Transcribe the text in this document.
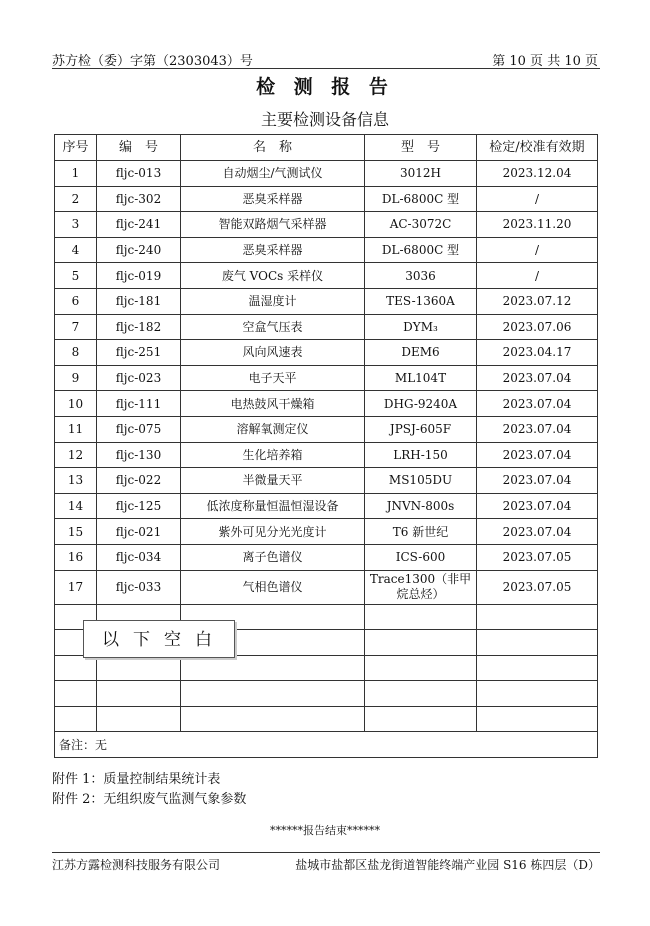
苏方检（委）字第（2303043）号	第 10 页 共 10 页
检 测 报 告
主要检测设备信息
序号	编　号	名　称	型　号	检定/校准有效期
1	fljc-013	自动烟尘/气测试仪	3012H	2023.12.04
2	fljc-302	恶臭采样器	DL-6800C 型	/
3	fljc-241	智能双路烟气采样器	AC-3072C	2023.11.20
4	fljc-240	恶臭采样器	DL-6800C 型	/
5	fljc-019	废气 VOCs 采样仪	3036	/
6	fljc-181	温湿度计	TES-1360A	2023.07.12
7	fljc-182	空盒气压表	DYM₃	2023.07.06
8	fljc-251	风向风速表	DEM6	2023.04.17
9	fljc-023	电子天平	ML104T	2023.07.04
10	fljc-111	电热鼓风干燥箱	DHG-9240A	2023.07.04
11	fljc-075	溶解氧测定仪	JPSJ-605F	2023.07.04
12	fljc-130	生化培养箱	LRH-150	2023.07.04
13	fljc-022	半微量天平	MS105DU	2023.07.04
14	fljc-125	低浓度称量恒温恒湿设备	JNVN-800s	2023.07.04
15	fljc-021	紫外可见分光光度计	T6 新世纪	2023.07.04
16	fljc-034	离子色谱仪	ICS-600	2023.07.05
17	fljc-033	气相色谱仪	Trace1300（非甲烷总烃）	2023.07.05

备注：无				
以下空白
附件 1：质量控制结果统计表
附件 2：无组织废气监测气象参数
******报告结束******
江苏方露检测科技服务有限公司	盐城市盐都区盐龙街道智能终端产业园 S16 栋四层（D）
